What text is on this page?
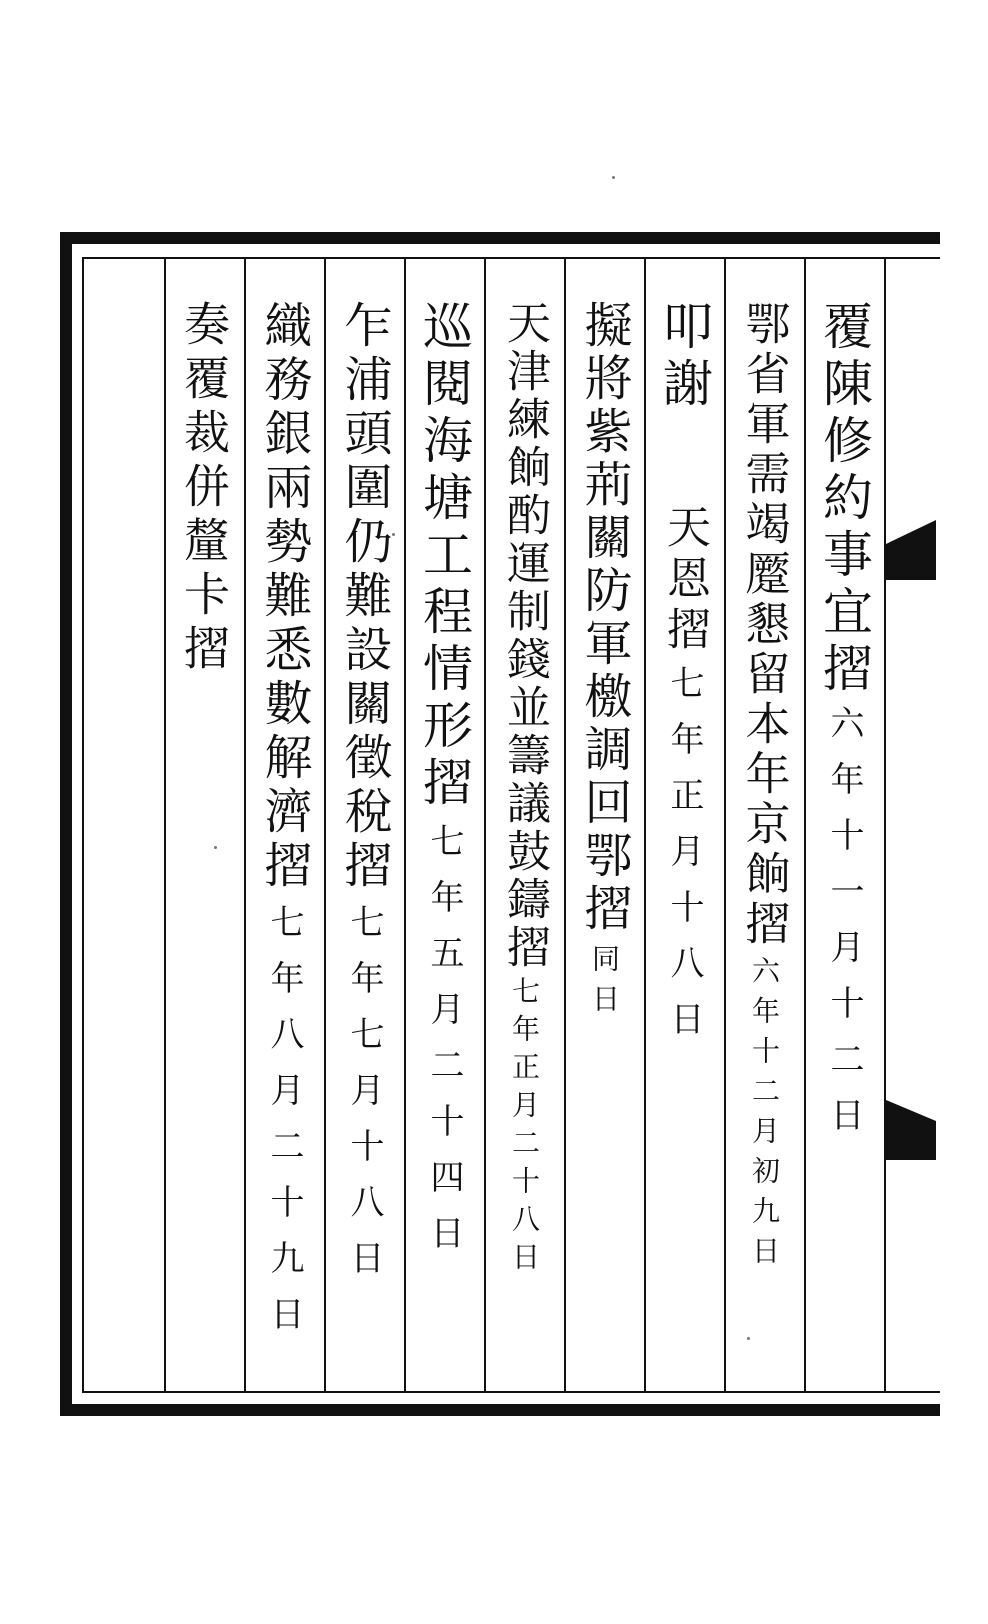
覆陳修約事宜摺
六年十一月十二日
鄂省軍需竭蹷懇留本年京餉摺
六年十二月初九日
叩謝
天恩摺
七年正月十八日
擬將紫荊關防軍檄調回鄂摺
同日
天津練餉酌運制錢並籌議鼓鑄摺
七年正月二十八日
巡閱海塘工程情形摺
七年五月二十四日
乍浦頭圍仍難設關徵稅摺
七年七月十八日
織務銀兩勢難悉數解濟摺
七年八月二十九日
奏覆裁併釐卡摺
